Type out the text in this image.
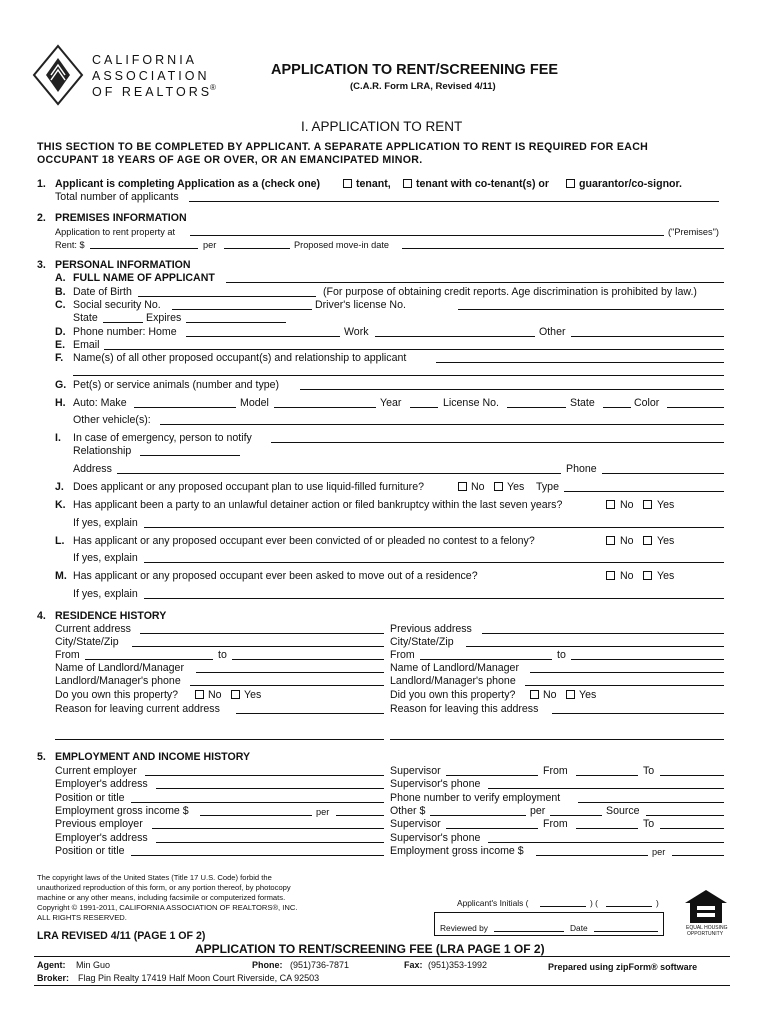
CALIFORNIA
ASSOCIATION
OF REALTORS
®
APPLICATION TO RENT/SCREENING FEE
(C.A.R. Form LRA, Revised 4/11)
I. APPLICATION TO RENT
THIS SECTION TO BE COMPLETED BY APPLICANT. A SEPARATE APPLICATION TO RENT IS REQUIRED FOR EACH
OCCUPANT 18 YEARS OF AGE OR OVER, OR AN EMANCIPATED MINOR.
1. Applicant is completing Application as a (check one)	tenant, tenant with co-tenant(s) or	guarantor/co-signor.
Total number of applicants
2. PREMISES INFORMATION
Application to rent property at	("Premises")
Rent: $	per	Proposed move-in date
3. PERSONAL INFORMATION
A. FULL NAME OF APPLICANT
B. Date of Birth	(For purpose of obtaining credit reports. Age discrimination is prohibited by law.)
C. Social security No.	Driver's license No.
State	Expires
D. Phone number: Home	Work	Other
E. Email
F. Name(s) of all other proposed occupant(s) and relationship to applicant
G. Pet(s) or service animals (number and type)
H. Auto: Make	Model	Year	License No.	State	Color
Other vehicle(s):
I. In case of emergency, person to notify
Relationship
Address	Phone
J. Does applicant or any proposed occupant plan to use liquid-filled furniture?	No Yes Type
K. Has applicant been a party to an unlawful detainer action or filed bankruptcy within the last seven years?	No Yes
If yes, explain
L. Has applicant or any proposed occupant ever been convicted of or pleaded no contest to a felony?	No Yes
If yes, explain
M. Has applicant or any proposed occupant ever been asked to move out of a residence?	No Yes
If yes, explain
4. RESIDENCE HISTORY
Current address	Previous address
City/State/Zip	City/State/Zip
From	to	From	to
Name of Landlord/Manager	Name of Landlord/Manager
Landlord/Manager's phone	Landlord/Manager's phone
Do you own this property?	No Yes	Did you own this property?	No Yes
Reason for leaving current address	Reason for leaving this address
5. EMPLOYMENT AND INCOME HISTORY
Current employer	Supervisor	From	To
Employer's address	Supervisor's phone
Position or title	Phone number to verify employment
Employment gross income $	per	Other $	per	Source
Previous employer	Supervisor	From	To
Employer's address	Supervisor's phone
Position or title	Employment gross income $	per
The copyright laws of the United States (Title 17 U.S. Code) forbid the
unauthorized reproduction of this form, or any portion thereof, by photocopy
machine or any other means, including facsimile or computerized formats.
Copyright © 1991-2011, CALIFORNIA ASSOCIATION OF REALTORS®, INC.
ALL RIGHTS RESERVED.
Applicant's Initials (	) (	)
Reviewed by	Date	EQUAL HOUSING
OPPORTUNITY
LRA REVISED 4/11 (PAGE 1 OF 2)
APPLICATION TO RENT/SCREENING FEE (LRA PAGE 1 OF 2)
Agent: Min Guo	Phone: (951)736-7871	Fax: (951)353-1992	Prepared using zipForm® software
Broker: Flag Pin Realty 17419 Half Moon Court Riverside, CA 92503
